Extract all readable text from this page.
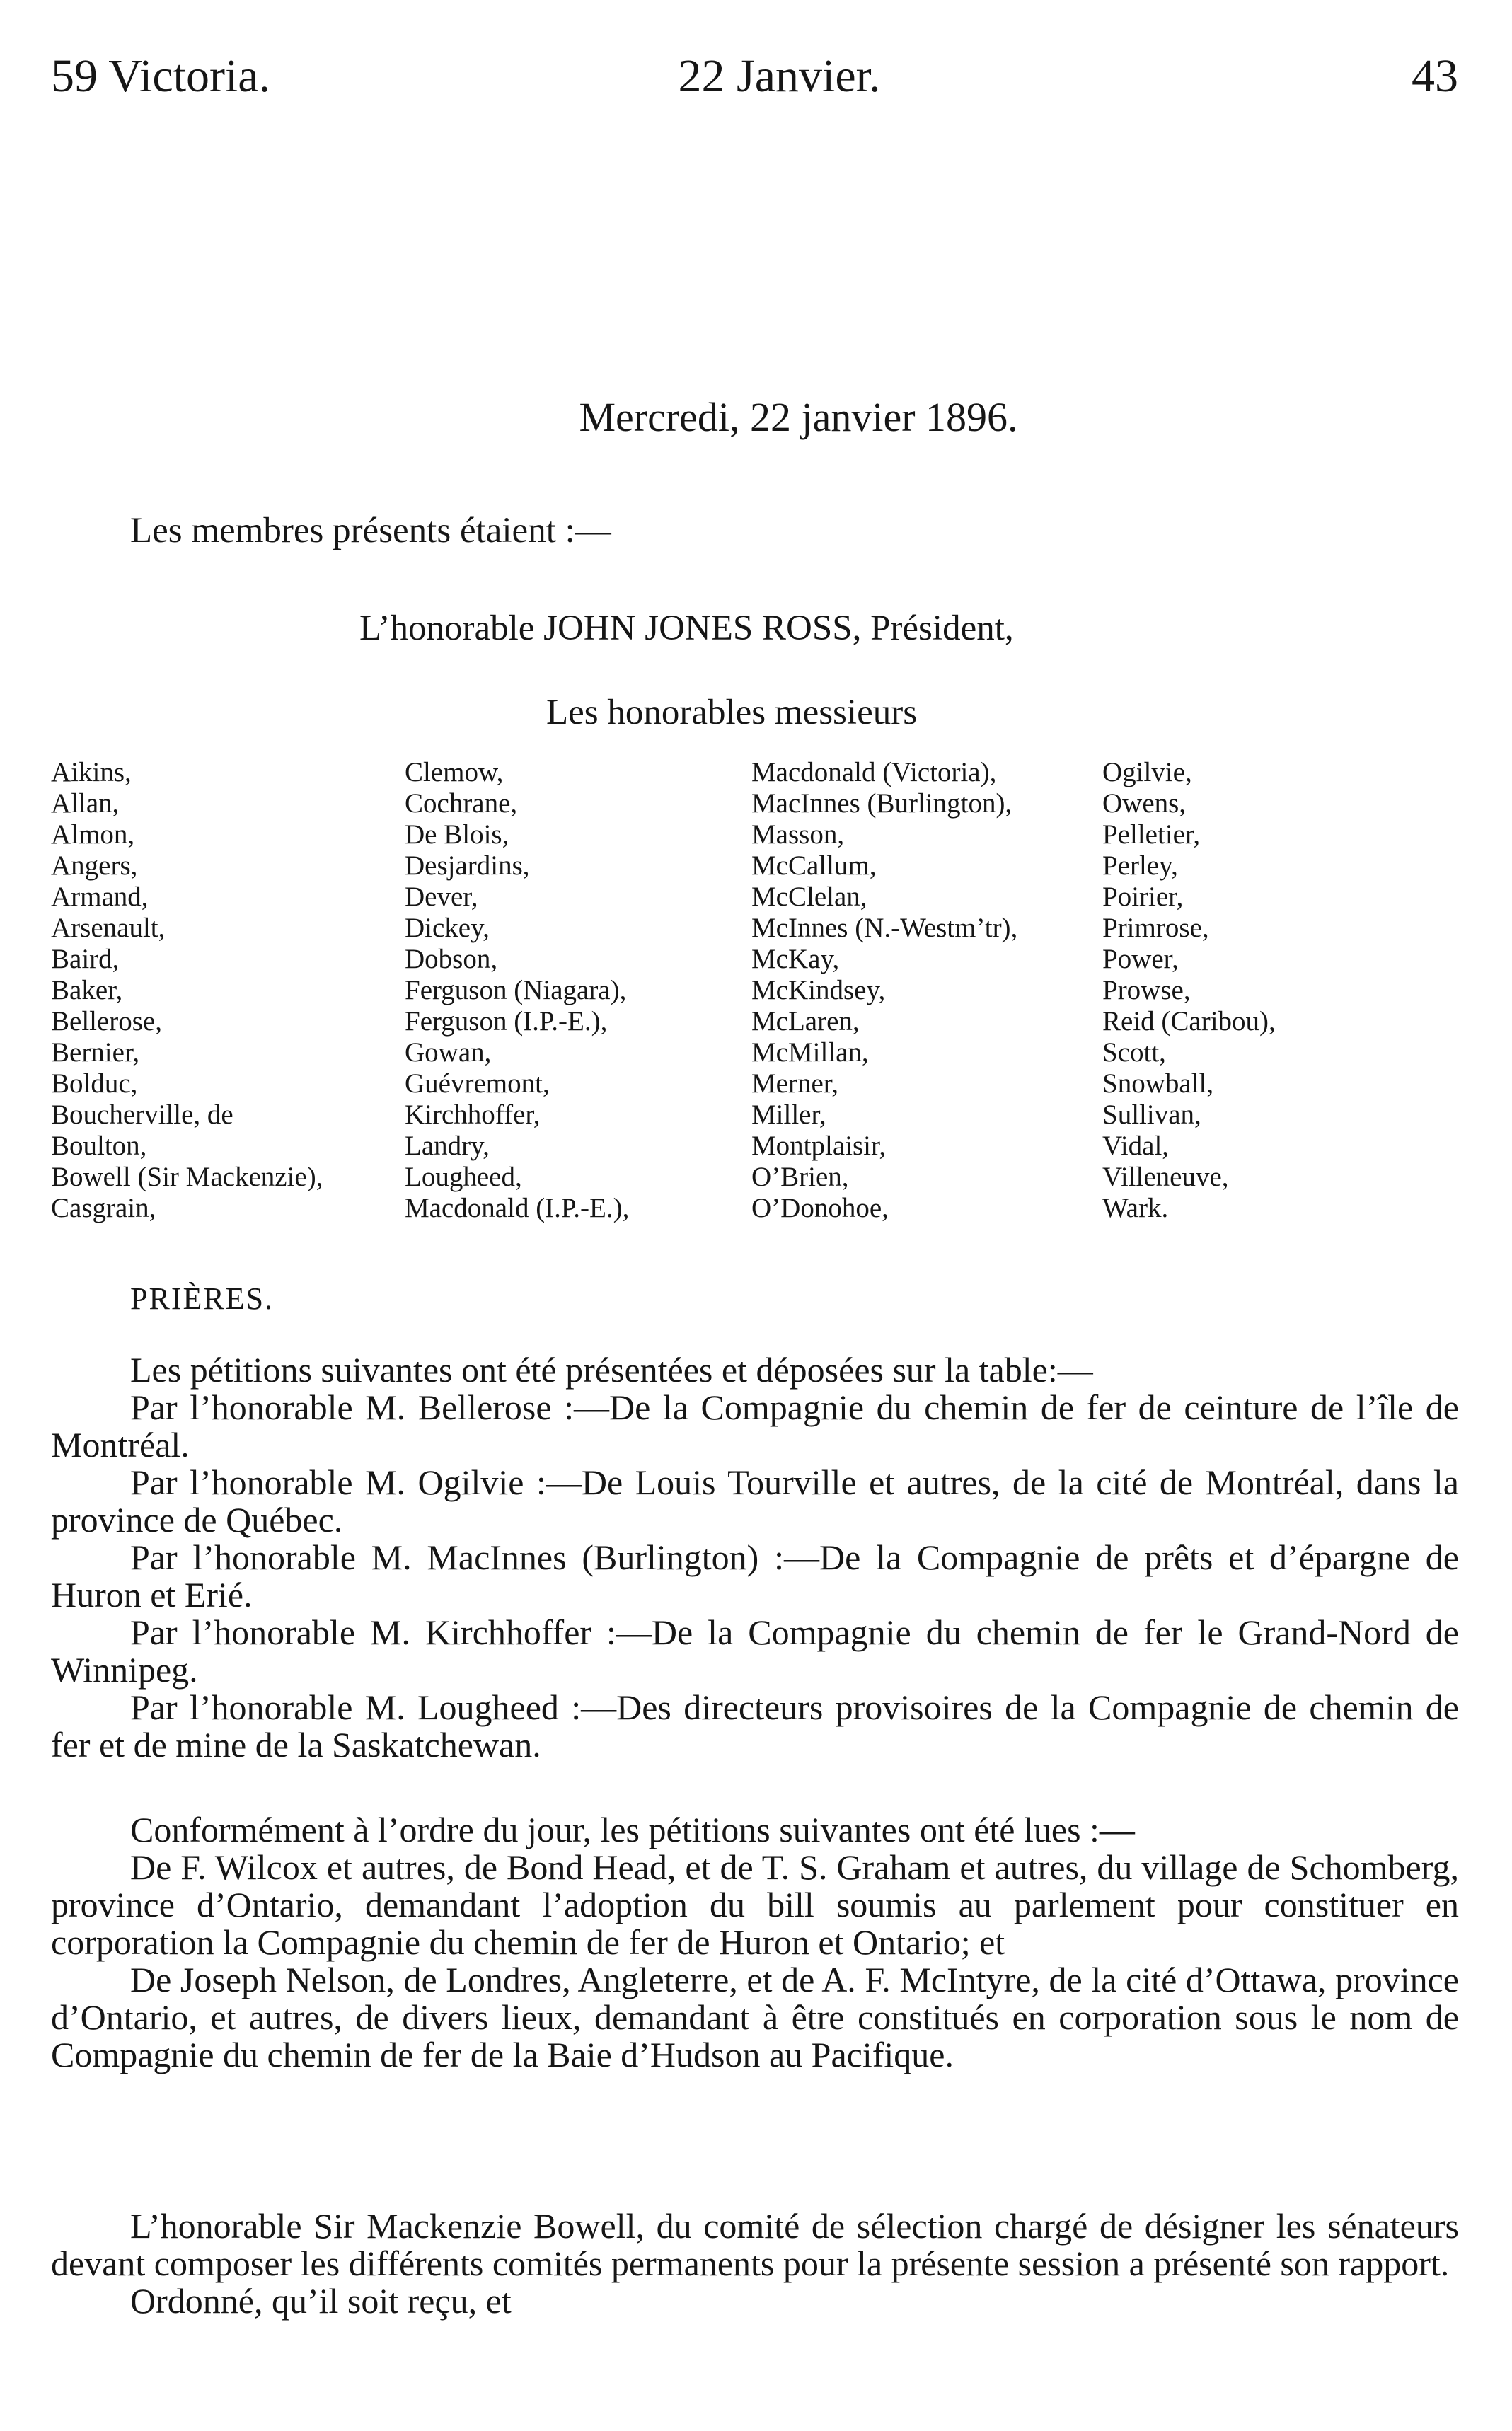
59 Victoria.	22 Janvier.	43
Mercredi, 22 janvier 1896.
Les membres présents étaient :—
L’honorable JOHN JONES ROSS, Président,
Les honorables messieurs
Aikins,
Allan,
Almon,
Angers,
Armand,
Arsenault,
Baird,
Baker,
Bellerose,
Bernier,
Bolduc,
Boucherville, de
Boulton,
Bowell (Sir Mackenzie),
Casgrain,
Clemow,
Cochrane,
De Blois,
Desjardins,
Dever,
Dickey,
Dobson,
Ferguson (Niagara),
Ferguson (I.P.-E.),
Gowan,
Guévremont,
Kirchhoffer,
Landry,
Lougheed,
Macdonald (I.P.-E.),
Macdonald (Victoria),
MacInnes (Burlington),
Masson,
McCallum,
McClelan,
McInnes (N.-Westm’tr),
McKay,
McKindsey,
McLaren,
McMillan,
Merner,
Miller,
Montplaisir,
O’Brien,
O’Donohoe,
Ogilvie,
Owens,
Pelletier,
Perley,
Poirier,
Primrose,
Power,
Prowse,
Reid (Caribou),
Scott,
Snowball,
Sullivan,
Vidal,
Villeneuve,
Wark.
PRIÈRES.

Les pétitions suivantes ont été présentées et déposées sur la table:—

Par l’honorable M. Bellerose :—De la Compagnie du chemin de fer de ceinture de l’île de Montréal.

Par l’honorable M. Ogilvie :—De Louis Tourville et autres, de la cité de Montréal, dans la province de Québec.

Par l’honorable M. MacInnes (Burlington) :—De la Compagnie de prêts et d’épargne de Huron et Erié.

Par l’honorable M. Kirchhoffer :—De la Compagnie du chemin de fer le Grand-Nord de Winnipeg.

Par l’honorable M. Lougheed :—Des directeurs provisoires de la Compagnie de chemin de fer et de mine de la Saskatchewan.

Conformément à l’ordre du jour, les pétitions suivantes ont été lues :—

De F. Wilcox et autres, de Bond Head, et de T. S. Graham et autres, du village de Schomberg, province d’Ontario, demandant l’adoption du bill soumis au parlement pour constituer en corporation la Compagnie du chemin de fer de Huron et Ontario; et

De Joseph Nelson, de Londres, Angleterre, et de A. F. McIntyre, de la cité d’Ottawa, province d’Ontario, et autres, de divers lieux, demandant à être constitués en corporation sous le nom de Compagnie du chemin de fer de la Baie d’Hudson au Pacifique.

L’honorable Sir Mackenzie Bowell, du comité de sélection chargé de désigner les sénateurs devant composer les différents comités permanents pour la présente session a présenté son rapport.

Ordonné, qu’il soit reçu, et
